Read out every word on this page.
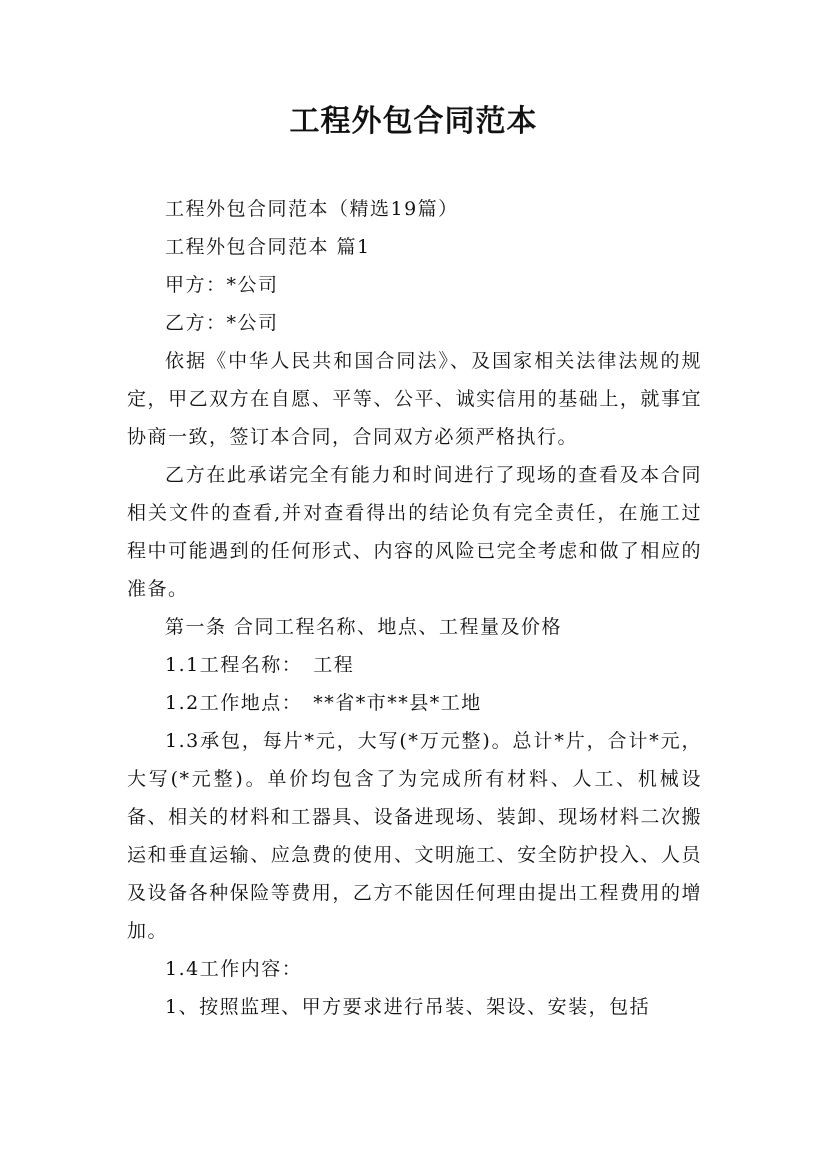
工程外包合同范本

工程外包合同范本（精选19篇）

工程外包合同范本 篇1

甲方：*公司

乙方：*公司

依据《中华人民共和国合同法》、及国家相关法律法规的规定，甲乙双方在自愿、平等、公平、诚实信用的基础上，就事宜协商一致，签订本合同，合同双方必须严格执行。

乙方在此承诺完全有能力和时间进行了现场的查看及本合同相关文件的查看,并对查看得出的结论负有完全责任，在施工过程中可能遇到的任何形式、内容的风险已完全考虑和做了相应的准备。

第一条 合同工程名称、地点、工程量及价格

1.1工程名称：　工程

1.2工作地点：　**省*市**县*工地

1.3承包，每片*元，大写(*万元整)。总计*片，合计*元，大写(*元整)。单价均包含了为完成所有材料、人工、机械设备、相关的材料和工器具、设备进现场、装卸、现场材料二次搬运和垂直运输、应急费的使用、文明施工、安全防护投入、人员及设备各种保险等费用，乙方不能因任何理由提出工程费用的增加。

1.4工作内容：

1、按照监理、甲方要求进行吊装、架设、安装，包括
